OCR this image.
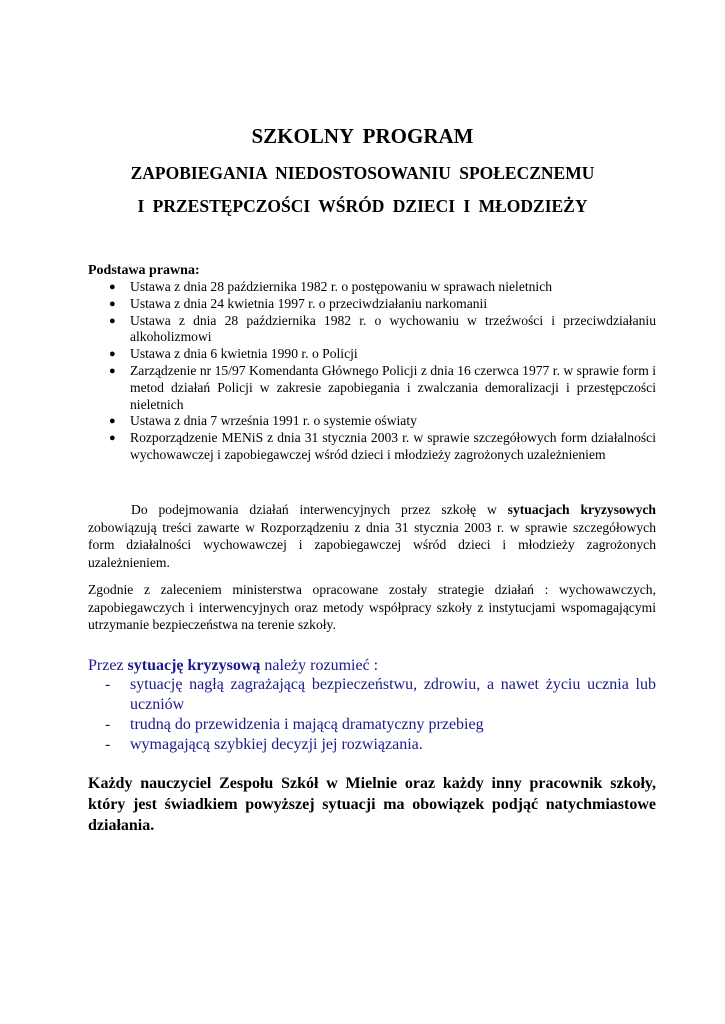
SZKOLNY PROGRAM
ZAPOBIEGANIA NIEDOSTOSOWANIU SPOŁECZNEMU
I PRZESTĘPCZOŚCI WŚRÓD DZIECI I MŁODZIEŻY
Podstawa prawna:
● Ustawa z dnia 28 października 1982 r. o postępowaniu w sprawach nieletnich
● Ustawa z dnia 24 kwietnia 1997 r. o przeciwdziałaniu narkomanii
● Ustawa z dnia 28 października 1982 r. o wychowaniu w trzeźwości i przeciwdziałaniu alkoholizmowi
● Ustawa z dnia 6 kwietnia 1990 r. o Policji
● Zarządzenie nr 15/97 Komendanta Głównego Policji z dnia 16 czerwca 1977 r. w sprawie form i metod działań Policji w zakresie zapobiegania i zwalczania demoralizacji i przestępczości nieletnich
● Ustawa z dnia 7 września 1991 r. o systemie oświaty
● Rozporządzenie MENiS z dnia 31 stycznia 2003 r. w sprawie szczegółowych form działalności wychowawczej i zapobiegawczej wśród dzieci i młodzieży zagrożonych uzależnieniem
Do podejmowania działań interwencyjnych przez szkołę w sytuacjach kryzysowych zobowiązują treści zawarte w Rozporządzeniu z dnia 31 stycznia 2003 r. w sprawie szczegółowych form działalności wychowawczej i zapobiegawczej wśród dzieci i młodzieży zagrożonych uzależnieniem.
Zgodnie z zaleceniem ministerstwa opracowane zostały strategie działań : wychowawczych, zapobiegawczych i interwencyjnych oraz metody współpracy szkoły z instytucjami wspomagającymi utrzymanie bezpieczeństwa na terenie szkoły.
Przez sytuację kryzysową należy rozumieć :
- sytuację nagłą zagrażającą bezpieczeństwu, zdrowiu, a nawet życiu ucznia lub uczniów
- trudną do przewidzenia i mającą dramatyczny przebieg
- wymagającą szybkiej decyzji jej rozwiązania.
Każdy nauczyciel Zespołu Szkół w Mielnie oraz każdy inny pracownik szkoły, który jest świadkiem powyższej sytuacji ma obowiązek podjąć natychmiastowe działania.
